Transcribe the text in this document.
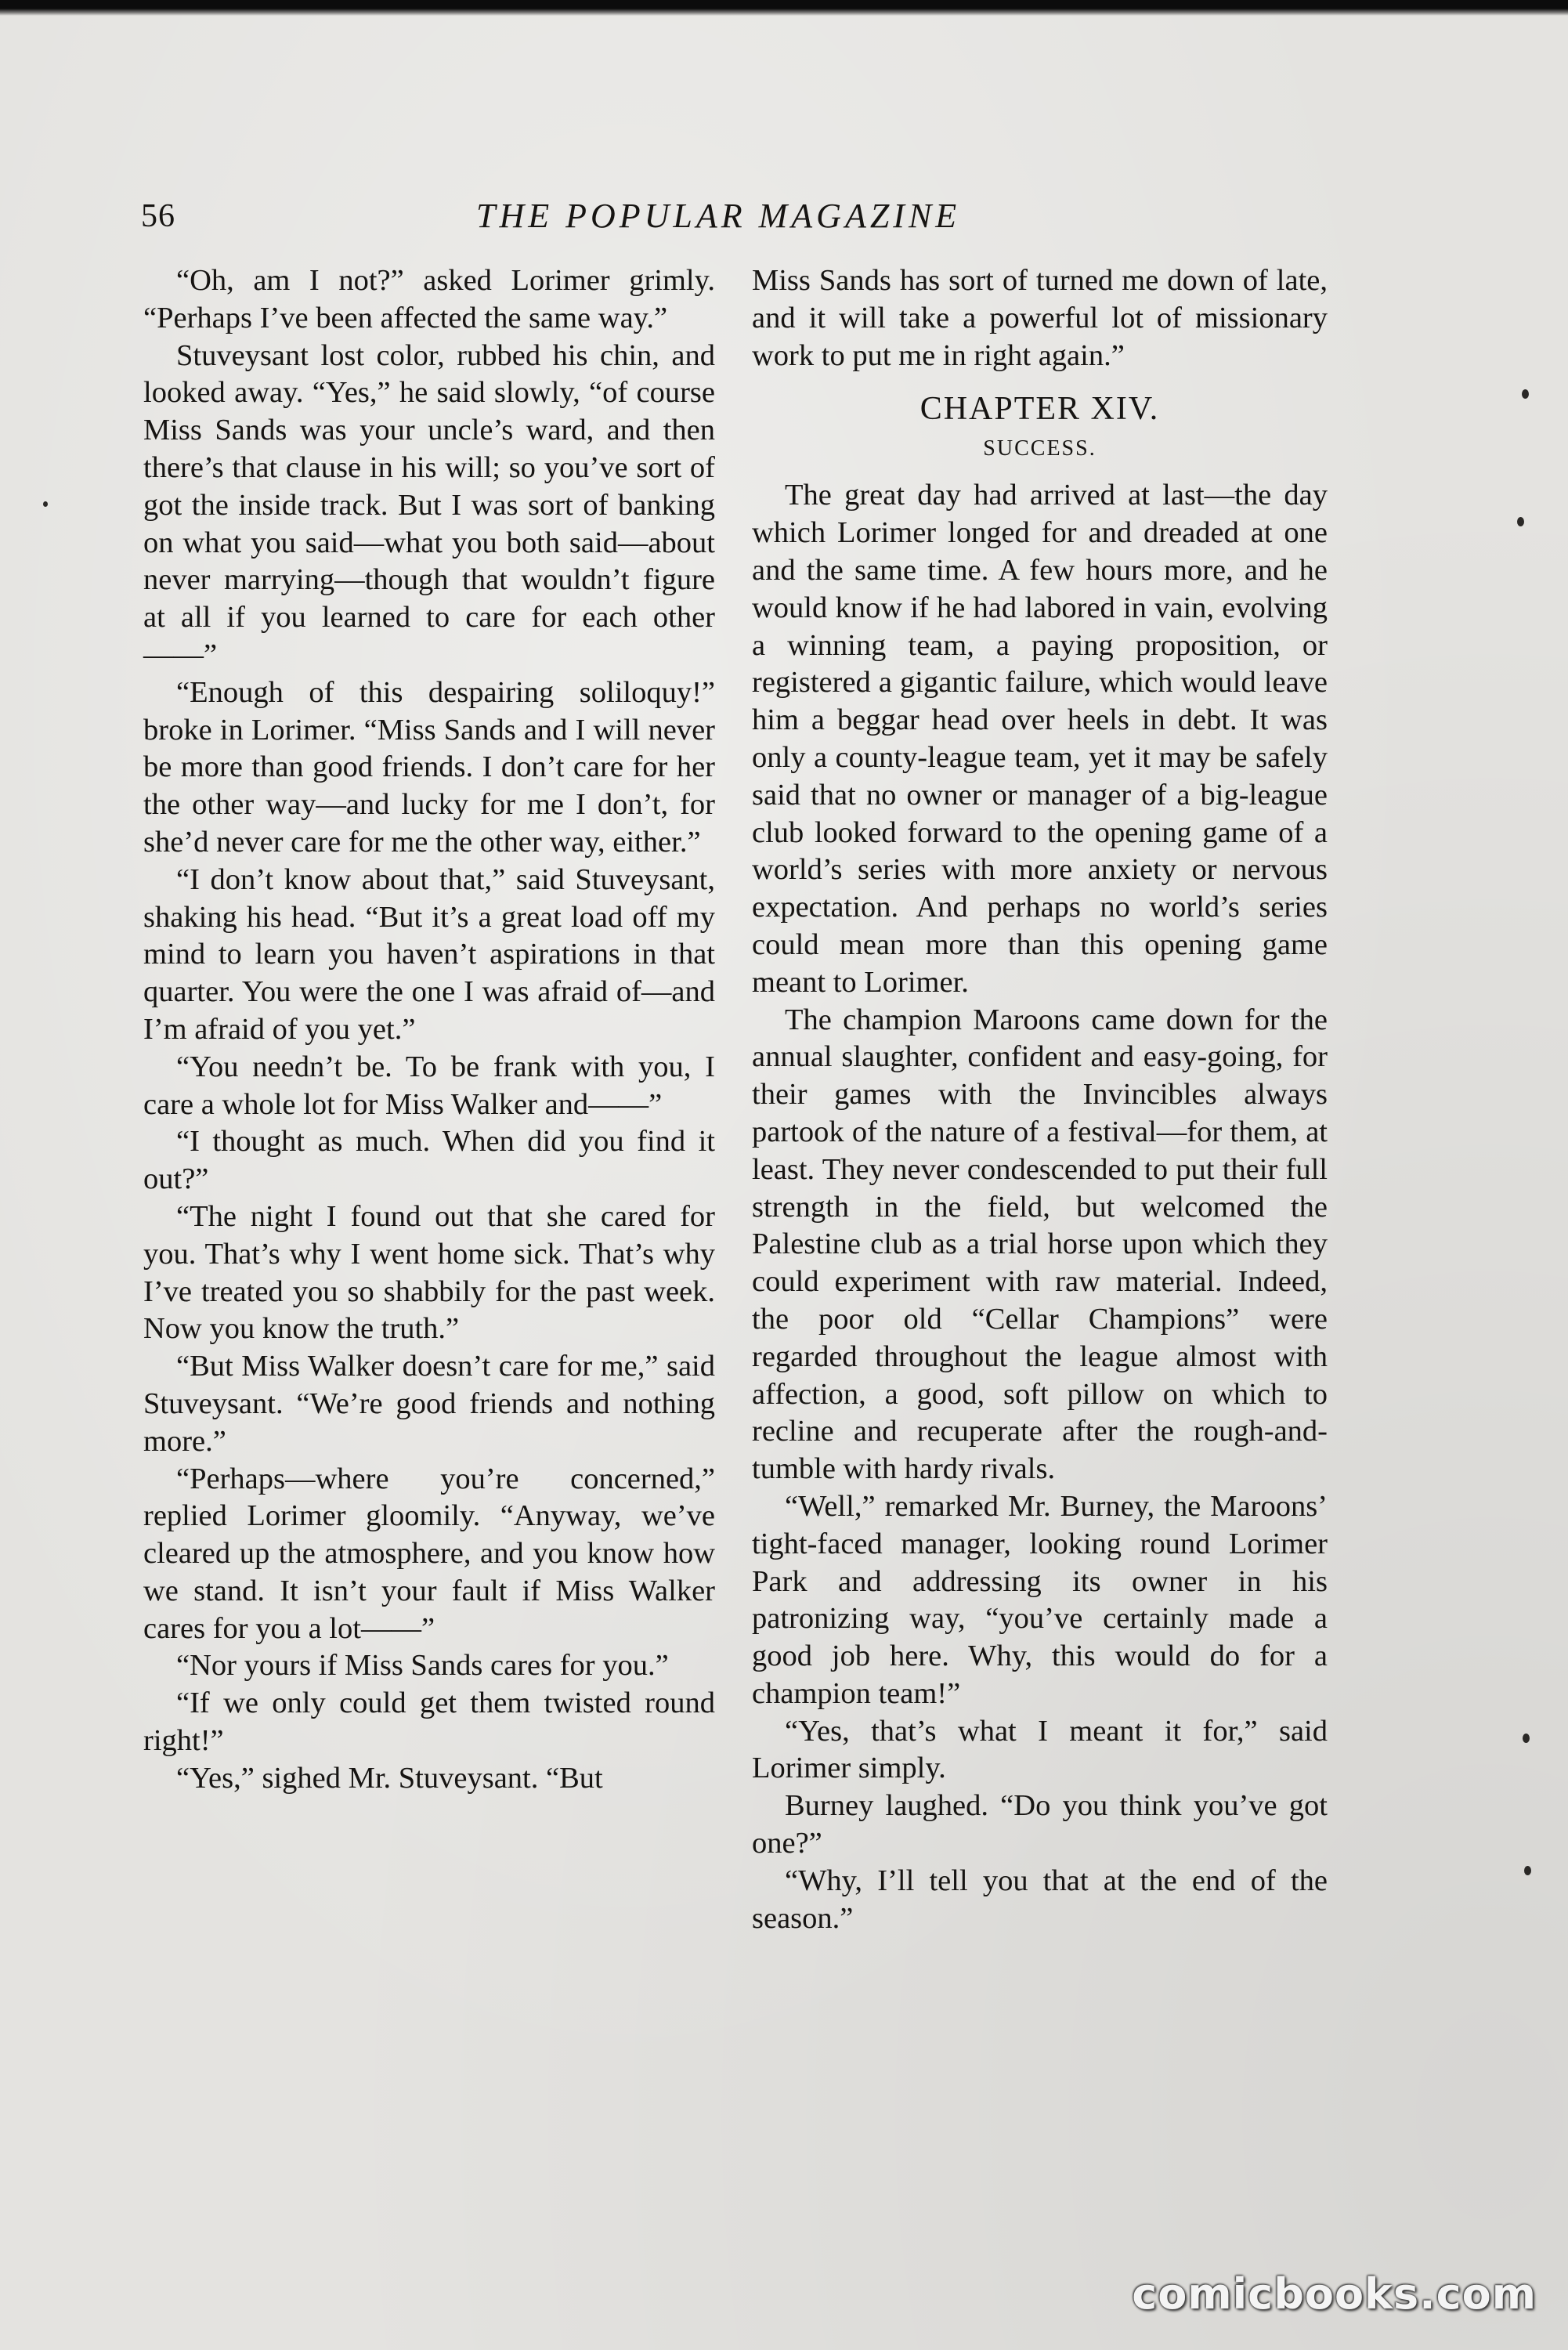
56	THE POPULAR MAGAZINE

“Oh, am I not?” asked Lorimer grimly. “Perhaps I’ve been affected the same way.”

Stuveysant lost color, rubbed his chin, and looked away. “Yes,” he said slowly, “of course Miss Sands was your uncle’s ward, and then there’s that clause in his will; so you’ve sort of got the inside track. But I was sort of banking on what you said—what you both said—about never marrying—though that wouldn’t figure at all if you learned to care for each other——”

“Enough of this despairing soliloquy!” broke in Lorimer. “Miss Sands and I will never be more than good friends. I don’t care for her the other way—and lucky for me I don’t, for she’d never care for me the other way, either.”

“I don’t know about that,” said Stuveysant, shaking his head. “But it’s a great load off my mind to learn you haven’t aspirations in that quarter. You were the one I was afraid of—and I’m afraid of you yet.”

“You needn’t be. To be frank with you, I care a whole lot for Miss Walker and——”

“I thought as much. When did you find it out?”

“The night I found out that she cared for you. That’s why I went home sick. That’s why I’ve treated you so shabbily for the past week. Now you know the truth.”

“But Miss Walker doesn’t care for me,” said Stuveysant. “We’re good friends and nothing more.”

“Perhaps—where you’re concerned,” replied Lorimer gloomily. “Anyway, we’ve cleared up the atmosphere, and you know how we stand. It isn’t your fault if Miss Walker cares for you a lot——”

“Nor yours if Miss Sands cares for you.”

“If we only could get them twisted round right!”

“Yes,” sighed Mr. Stuveysant. “But

Miss Sands has sort of turned me down of late, and it will take a powerful lot of missionary work to put me in right again.”

CHAPTER XIV.
SUCCESS.

The great day had arrived at last—the day which Lorimer longed for and dreaded at one and the same time. A few hours more, and he would know if he had labored in vain, evolving a winning team, a paying proposition, or registered a gigantic failure, which would leave him a beggar head over heels in debt. It was only a county-league team, yet it may be safely said that no owner or manager of a big-league club looked forward to the opening game of a world’s series with more anxiety or nervous expectation. And perhaps no world’s series could mean more than this opening game meant to Lorimer.

The champion Maroons came down for the annual slaughter, confident and easy-going, for their games with the Invincibles always partook of the nature of a festival—for them, at least. They never condescended to put their full strength in the field, but welcomed the Palestine club as a trial horse upon which they could experiment with raw material. Indeed, the poor old “Cellar Champions” were regarded throughout the league almost with affection, a good, soft pillow on which to recline and recuperate after the rough-and-tumble with hardy rivals.

“Well,” remarked Mr. Burney, the Maroons’ tight-faced manager, looking round Lorimer Park and addressing its owner in his patronizing way, “you’ve certainly made a good job here. Why, this would do for a champion team!”

“Yes, that’s what I meant it for,” said Lorimer simply.

Burney laughed. “Do you think you’ve got one?”

“Why, I’ll tell you that at the end of the season.”

comicbooks.com
